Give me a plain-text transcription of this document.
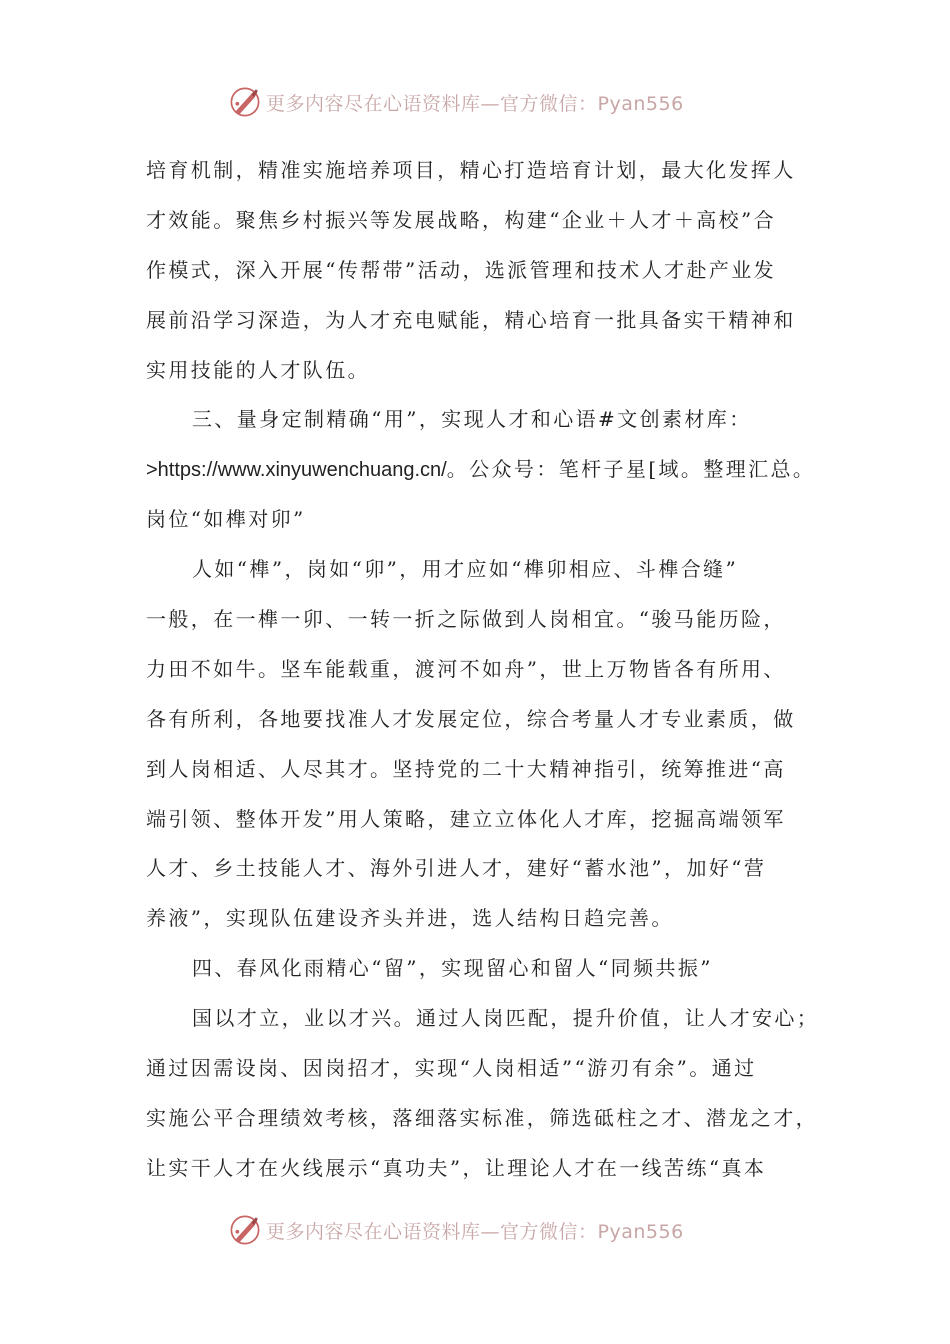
更多内容尽在心语资料库—官方微信：Pyan556
培育机制，精准实施培养项目，精心打造培育计划，最大化发挥人
才效能。聚焦乡村振兴等发展战略，构建“企业＋人才＋高校”合
作模式，深入开展“传帮带”活动，选派管理和技术人才赴产业发
展前沿学习深造，为人才充电赋能，精心培育一批具备实干精神和
实用技能的人才队伍。
三、量身定制精确“用”，实现人才和心语#文创素材库：
>https://www.xinyuwenchuang.cn/。公众号：笔杆子星[域。整理汇总。
岗位“如榫对卯”
人如“榫”，岗如“卯”，用才应如“榫卯相应、斗榫合缝”
一般，在一榫一卯、一转一折之际做到人岗相宜。“骏马能历险，
力田不如牛。坚车能载重，渡河不如舟”，世上万物皆各有所用、
各有所利，各地要找准人才发展定位，综合考量人才专业素质，做
到人岗相适、人尽其才。坚持党的二十大精神指引，统筹推进“高
端引领、整体开发”用人策略，建立立体化人才库，挖掘高端领军
人才、乡土技能人才、海外引进人才，建好“蓄水池”，加好“营
养液”，实现队伍建设齐头并进，选人结构日趋完善。
四、春风化雨精心“留”，实现留心和留人“同频共振”
国以才立，业以才兴。通过人岗匹配，提升价值，让人才安心；
通过因需设岗、因岗招才，实现“人岗相适”“游刃有余”。通过
实施公平合理绩效考核，落细落实标准，筛选砥柱之才、潜龙之才，
让实干人才在火线展示“真功夫”，让理论人才在一线苦练“真本
更多内容尽在心语资料库—官方微信：Pyan556
